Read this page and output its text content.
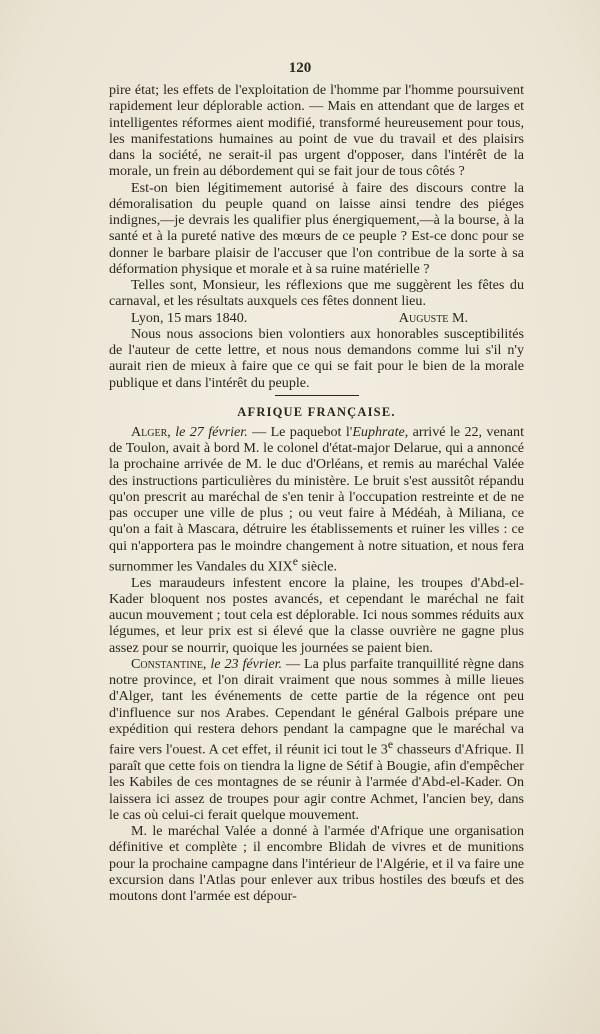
120

pire état; les effets de l'exploitation de l'homme par l'homme poursuivent rapidement leur déplorable action. — Mais en attendant que de larges et intelligentes réformes aient modifié, transformé heureusement pour tous, les manifestations humaines au point de vue du travail et des plaisirs dans la société, ne serait-il pas urgent d'opposer, dans l'intérêt de la morale, un frein au débordement qui se fait jour de tous côtés ?

Est-on bien légitimement autorisé à faire des discours contre la démoralisation du peuple quand on laisse ainsi tendre des piéges indignes,—je devrais les qualifier plus énergiquement,—à la bourse, à la santé et à la pureté native des mœurs de ce peuple ? Est-ce donc pour se donner le barbare plaisir de l'accuser que l'on contribue de la sorte à sa déformation physique et morale et à sa ruine matérielle ?

Telles sont, Monsieur, les réflexions que me suggèrent les fêtes du carnaval, et les résultats auxquels ces fêtes donnent lieu.

Lyon, 15 mars 1840.	Auguste M.

Nous nous associons bien volontiers aux honorables susceptibilités de l'auteur de cette lettre, et nous nous demandons comme lui s'il n'y aurait rien de mieux à faire que ce qui se fait pour le bien de la morale publique et dans l'intérêt du peuple.

AFRIQUE FRANÇAISE.

Alger, le 27 février. — Le paquebot l'Euphrate, arrivé le 22, venant de Toulon, avait à bord M. le colonel d'état-major Delarue, qui a annoncé la prochaine arrivée de M. le duc d'Orléans, et remis au maréchal Valée des instructions particulières du ministère. Le bruit s'est aussitôt répandu qu'on prescrit au maréchal de s'en tenir à l'occupation restreinte et de ne pas occuper une ville de plus ; ou veut faire à Médéah, à Miliana, ce qu'on a fait à Mascara, détruire les établissements et ruiner les villes : ce qui n'apportera pas le moindre changement à notre situation, et nous fera surnommer les Vandales du XIXe siècle.

Les maraudeurs infestent encore la plaine, les troupes d'Abd-el-Kader bloquent nos postes avancés, et cependant le maréchal ne fait aucun mouvement ; tout cela est déplorable. Ici nous sommes réduits aux légumes, et leur prix est si élevé que la classe ouvrière ne gagne plus assez pour se nourrir, quoique les journées se paient bien.

Constantine, le 23 février. — La plus parfaite tranquillité règne dans notre province, et l'on dirait vraiment que nous sommes à mille lieues d'Alger, tant les événements de cette partie de la régence ont peu d'influence sur nos Arabes. Cependant le général Galbois prépare une expédition qui restera dehors pendant la campagne que le maréchal va faire vers l'ouest. A cet effet, il réunit ici tout le 3e chasseurs d'Afrique. Il paraît que cette fois on tiendra la ligne de Sétif à Bougie, afin d'empêcher les Kabiles de ces montagnes de se réunir à l'armée d'Abd-el-Kader. On laissera ici assez de troupes pour agir contre Achmet, l'ancien bey, dans le cas où celui-ci ferait quelque mouvement.

M. le maréchal Valée a donné à l'armée d'Afrique une organisation définitive et complète ; il encombre Blidah de vivres et de munitions pour la prochaine campagne dans l'intérieur de l'Algérie, et il va faire une excursion dans l'Atlas pour enlever aux tribus hostiles des bœufs et des moutons dont l'armée est dépour-
